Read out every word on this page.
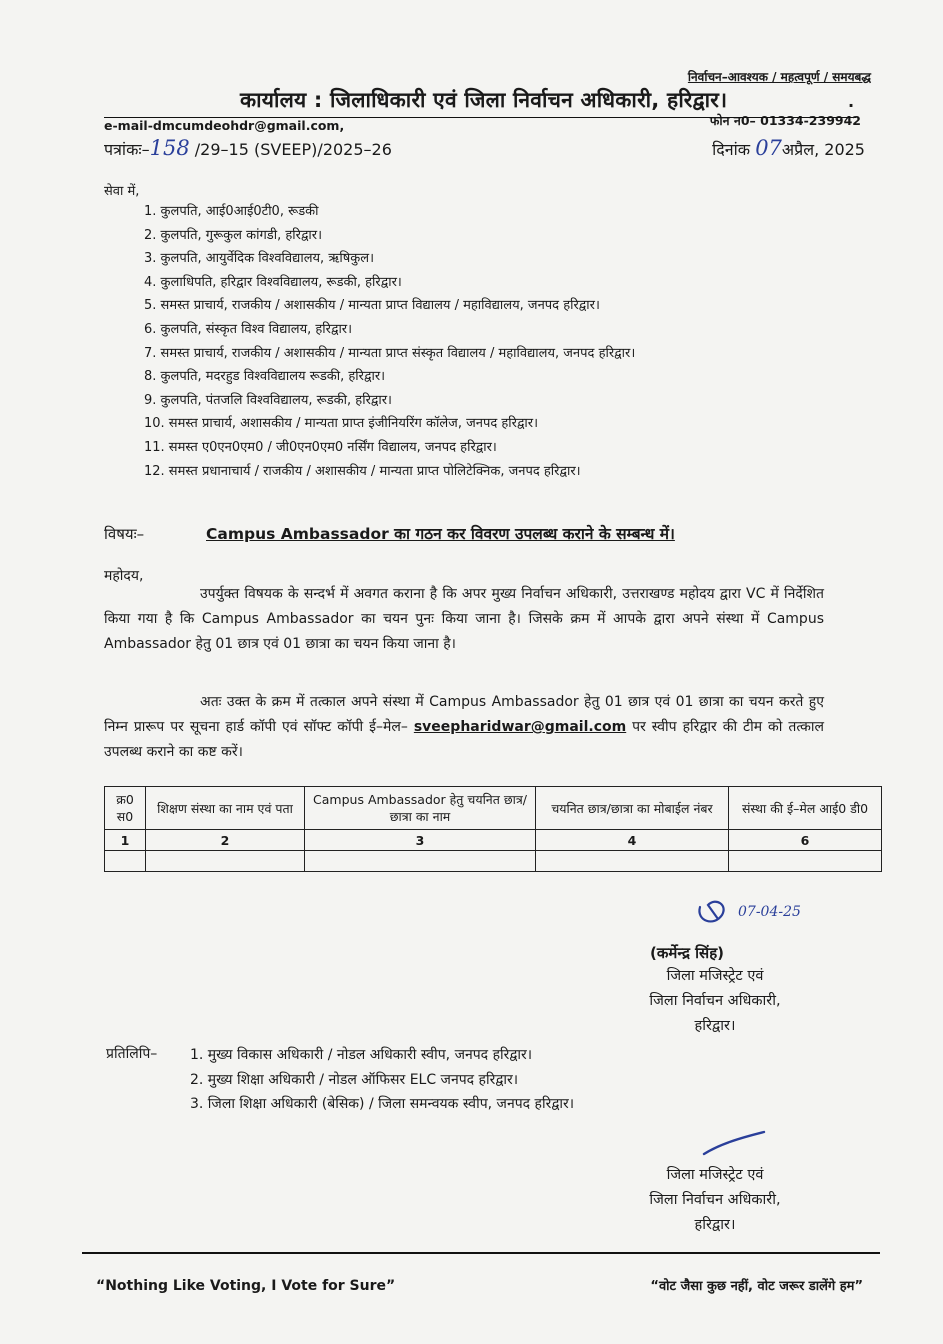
निर्वाचन–आवश्यक / महत्वपूर्ण / समयबद्ध
कार्यालय : जिलाधिकारी एवं जिला निर्वाचन अधिकारी, हरिद्वार।	.
e-mail-dmcumdeohdr@gmail.com,	फोन न0– 01334-239942
पत्रांकः–158 /29–15 (SVEEP)/2025–26	दिनांक 07अप्रैल, 2025
सेवा में,
1. कुलपति, आई0आई0टी0, रूडकी
2. कुलपति, गुरूकुल कांगडी, हरिद्वार।
3. कुलपति, आयुर्वेदिक विश्वविद्यालय, ऋषिकुल।
4. कुलाधिपति, हरिद्वार विश्वविद्यालय, रूडकी, हरिद्वार।
5. समस्त प्राचार्य, राजकीय / अशासकीय / मान्यता प्राप्त विद्यालय / महाविद्यालय, जनपद हरिद्वार।
6. कुलपति, संस्कृत विश्व विद्यालय, हरिद्वार।
7. समस्त प्राचार्य, राजकीय / अशासकीय / मान्यता प्राप्त संस्कृत विद्यालय / महाविद्यालय, जनपद हरिद्वार।
8. कुलपति, मदरहुड विश्वविद्यालय रूडकी, हरिद्वार।
9. कुलपति, पंतजलि विश्वविद्यालय, रूडकी, हरिद्वार।
10. समस्त प्राचार्य, अशासकीय / मान्यता प्राप्त इंजीनियरिंग कॉलेज, जनपद हरिद्वार।
11. समस्त ए0एन0एम0 / जी0एन0एम0 नर्सिंग विद्यालय, जनपद हरिद्वार।
12. समस्त प्रधानाचार्य / राजकीय / अशासकीय / मान्यता प्राप्त पोलिटेक्निक, जनपद हरिद्वार।
विषयः–	Campus Ambassador का गठन कर विवरण उपलब्ध कराने के सम्बन्ध में।
महोदय,

उपर्युक्त विषयक के सन्दर्भ में अवगत कराना है कि अपर मुख्य निर्वाचन अधिकारी, उत्तराखण्ड महोदय द्वारा VC में निर्देशित किया गया है कि Campus Ambassador का चयन पुनः किया जाना है। जिसके क्रम में आपके द्वारा अपने संस्था में Campus Ambassador हेतु 01 छात्र एवं 01 छात्रा का चयन किया जाना है।

अतः उक्त के क्रम में तत्काल अपने संस्था में Campus Ambassador हेतु 01 छात्र एवं 01 छात्रा का चयन करते हुए निम्न प्रारूप पर सूचना हार्ड कॉपी एवं सॉफ्ट कॉपी ई–मेल– sveepharidwar@gmail.com पर स्वीप हरिद्वार की टीम को तत्काल उपलब्ध कराने का कष्ट करें।

क्र0 स0	शिक्षण संस्था का नाम एवं पता	Campus Ambassador हेतु चयनित छात्र/छात्रा का नाम	चयनित छात्र/छात्रा का मोबाईल नंबर	संस्था की ई–मेल आई0 डी0
1	2	3	4	6

07-04-25
(कर्मेन्द्र सिंह)
जिला मजिस्ट्रेट एवं
जिला निर्वाचन अधिकारी,
हरिद्वार।
प्रतिलिपि– 1. मुख्य विकास अधिकारी / नोडल अधिकारी स्वीप, जनपद हरिद्वार।
2. मुख्य शिक्षा अधिकारी / नोडल ऑफिसर ELC जनपद हरिद्वार।
3. जिला शिक्षा अधिकारी (बेसिक) / जिला समन्वयक स्वीप, जनपद हरिद्वार।
जिला मजिस्ट्रेट एवं
जिला निर्वाचन अधिकारी,
हरिद्वार।
“Nothing Like Voting, I Vote for Sure”	“वोट जैसा कुछ नहीं, वोट जरूर डालेंगे हम”
